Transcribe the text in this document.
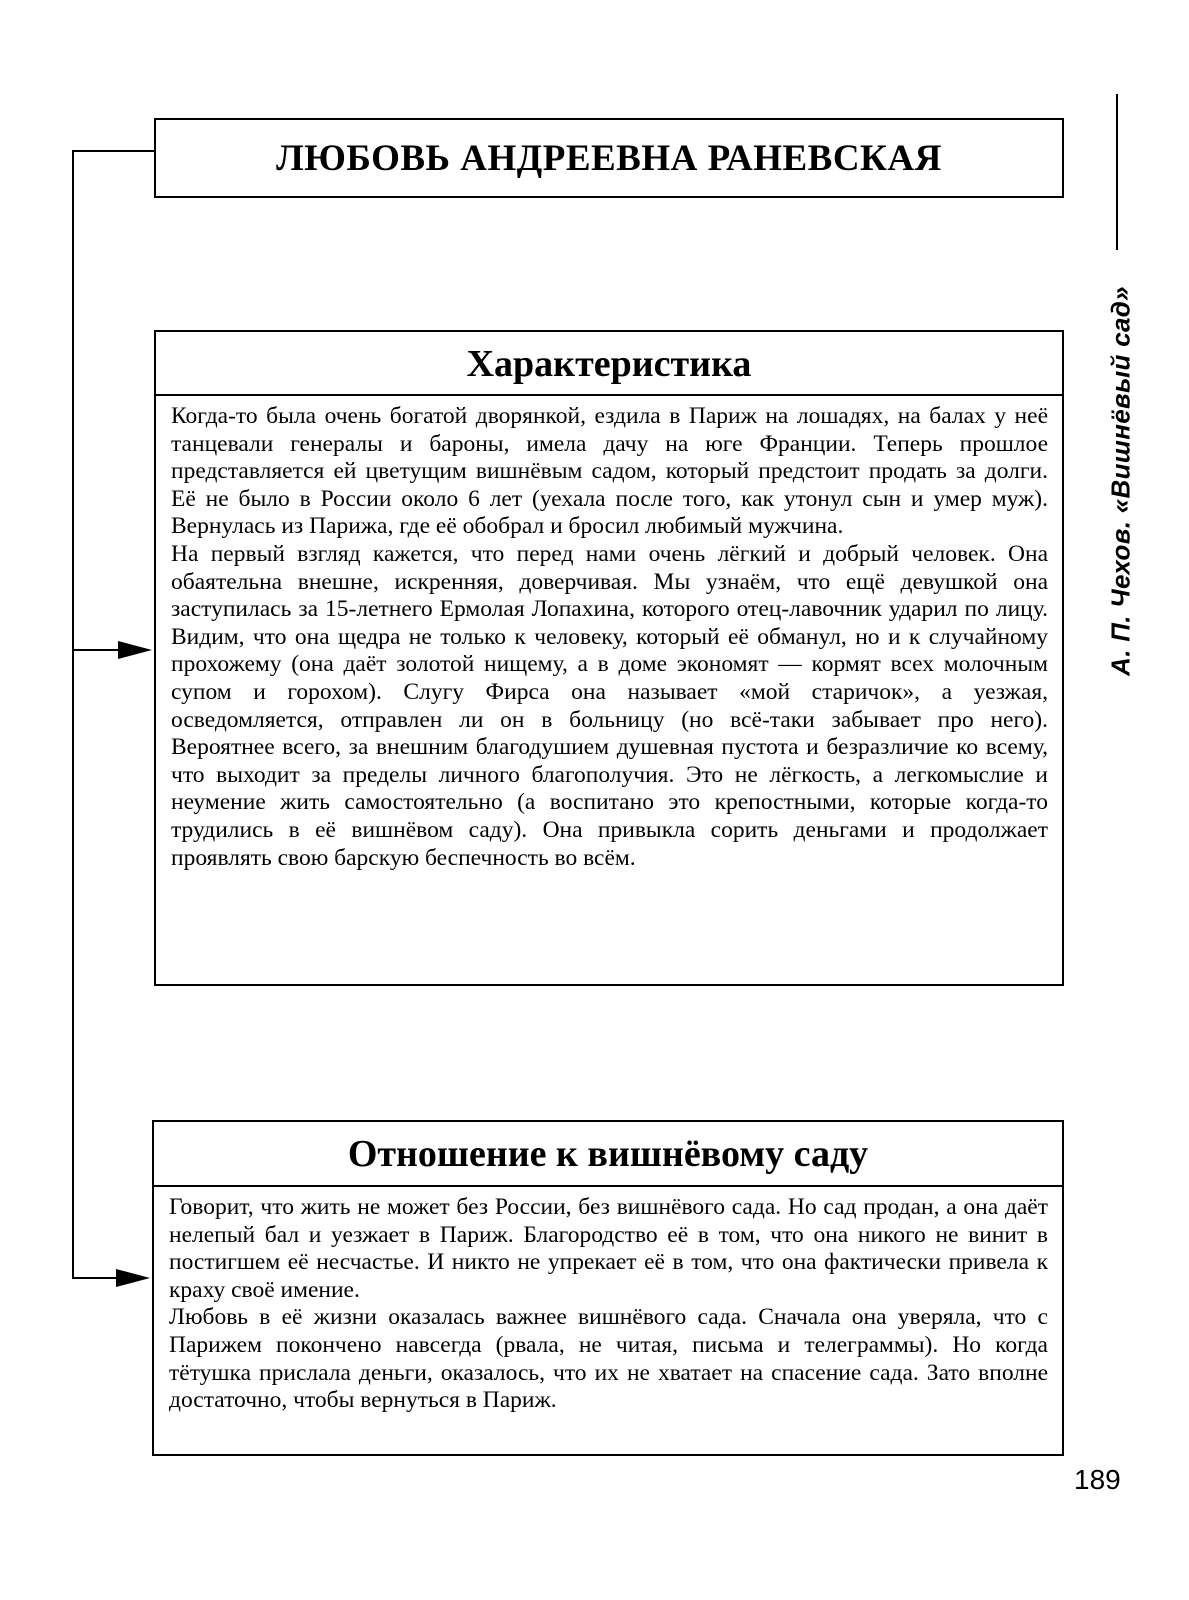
ЛЮБОВЬ АНДРЕЕВНА РАНЕВСКАЯ
Характеристика

Когда-то была очень богатой дворянкой, ездила в Париж на лошадях, на балах у неё танцевали генералы и бароны, имела дачу на юге Франции. Теперь прошлое представляется ей цветущим вишнёвым садом, который предстоит продать за долги. Её не было в России около 6 лет (уехала после того, как утонул сын и умер муж). Вернулась из Парижа, где её обобрал и бросил любимый мужчина.

На первый взгляд кажется, что перед нами очень лёгкий и добрый человек. Она обаятельна внешне, искренняя, доверчивая. Мы узнаём, что ещё девушкой она заступилась за 15-летнего Ермолая Лопахина, которого отец-лавочник ударил по лицу. Видим, что она щедра не только к человеку, который её обманул, но и к случайному прохожему (она даёт золотой нищему, а в доме экономят — кормят всех молочным супом и горохом). Слугу Фирса она называет «мой старичок», а уезжая, осведомляется, отправлен ли он в больницу (но всё-таки забывает про него). Вероятнее всего, за внешним благодушием душевная пустота и безразличие ко всему, что выходит за пределы личного благополучия. Это не лёгкость, а легкомыслие и неумение жить самостоятельно (а воспитано это крепостными, которые когда-то трудились в её вишнёвом саду). Она привыкла сорить деньгами и продолжает проявлять свою барскую беспечность во всём.

Отношение к вишнёвому саду

Говорит, что жить не может без России, без вишнёвого сада. Но сад продан, а она даёт нелепый бал и уезжает в Париж. Благородство её в том, что она никого не винит в постигшем её несчастье. И никто не упрекает её в том, что она фактически привела к краху своё имение.

Любовь в её жизни оказалась важнее вишнёвого сада. Сначала она уверяла, что с Парижем покончено навсегда (рвала, не читая, письма и телеграммы). Но когда тётушка прислала деньги, оказалось, что их не хватает на спасение сада. Зато вполне достаточно, чтобы вернуться в Париж.

А. П. Чехов. «Вишнёвый сад»
189
